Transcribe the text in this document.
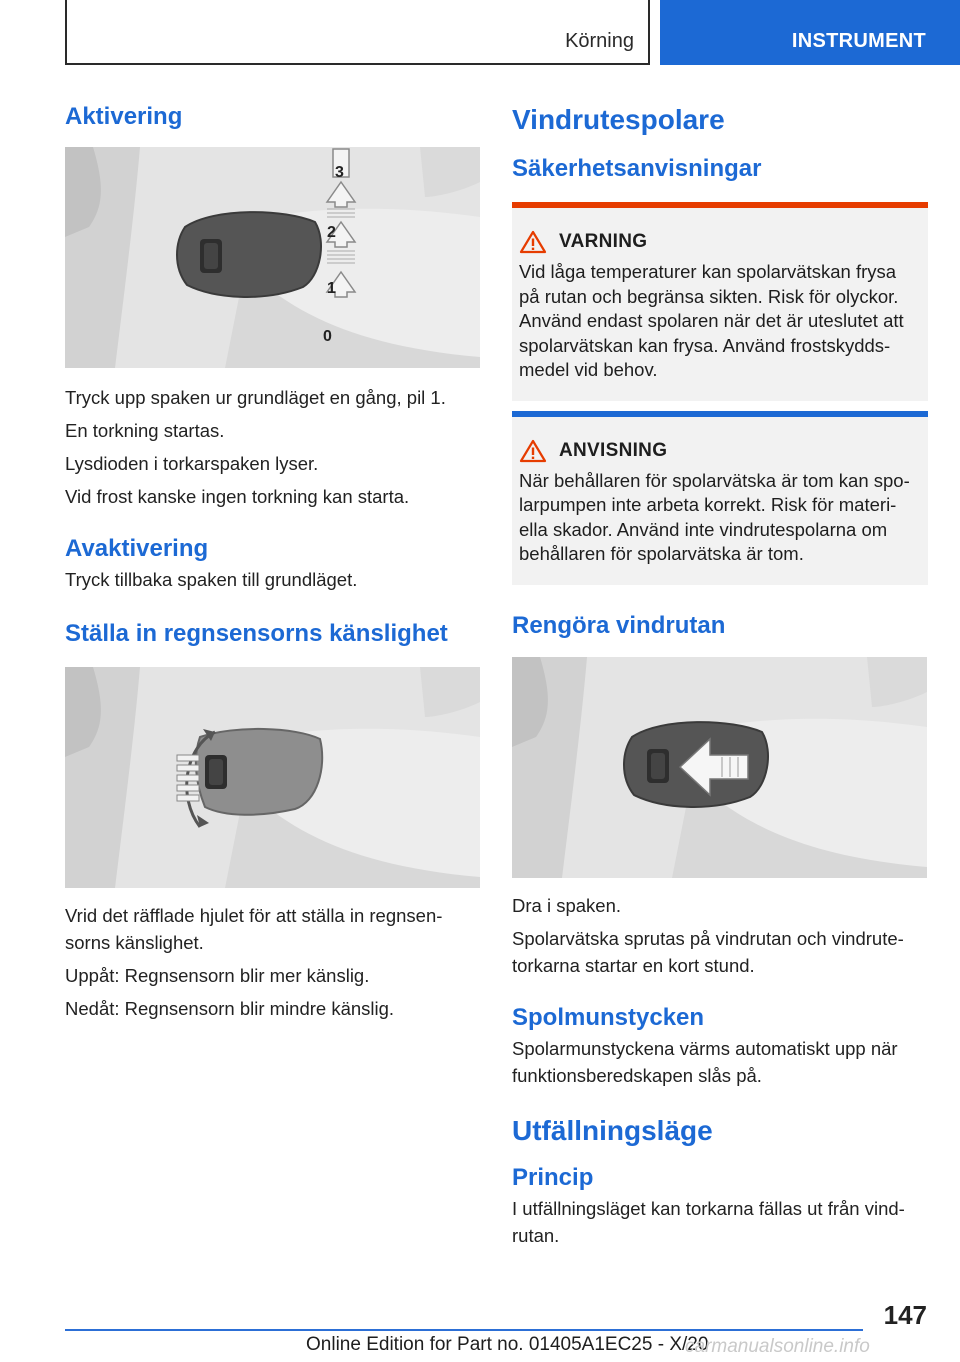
Körning	INSTRUMENT
Aktivering
3
2
1
0

Tryck upp spaken ur grundläget en gång, pil 1.

En torkning startas.

Lysdioden i torkarspaken lyser.

Vid frost kanske ingen torkning kan starta.

Avaktivering

Tryck tillbaka spaken till grundläget.

Ställa in regnsensorns känslighet

Vrid det räfflade hjulet för att ställa in regnsen-

sorns känslighet.

Uppåt: Regnsensorn blir mer känslig.

Nedåt: Regnsensorn blir mindre känslig.

Vindrutespolare
Säkerhetsanvisningar
VARNING
Vid låga temperaturer kan spolarvätskan frysa på rutan och begränsa sikten. Risk för olyckor. Använd endast spolaren när det är uteslutet att spolarvätskan kan frysa. Använd frostskydds-medel vid behov.
ANVISNING
När behållaren för spolarvätska är tom kan spo-larpumpen inte arbeta korrekt. Risk för materi-ella skador. Använd inte vindrutespolarna om behållaren för spolarvätska är tom.
Rengöra vindrutan

Dra i spaken.

Spolarvätska sprutas på vindrutan och vindrute-torkarna startar en kort stund.

Spolmunstycken

Spolarmunstyckena värms automatiskt upp när funktionsberedskapen slås på.

Utfällningsläge
Princip

I utfällningsläget kan torkarna fällas ut från vind-rutan.

147
Online Edition for Part no. 01405A1EC25 - X/20
carmanualsonline.info
